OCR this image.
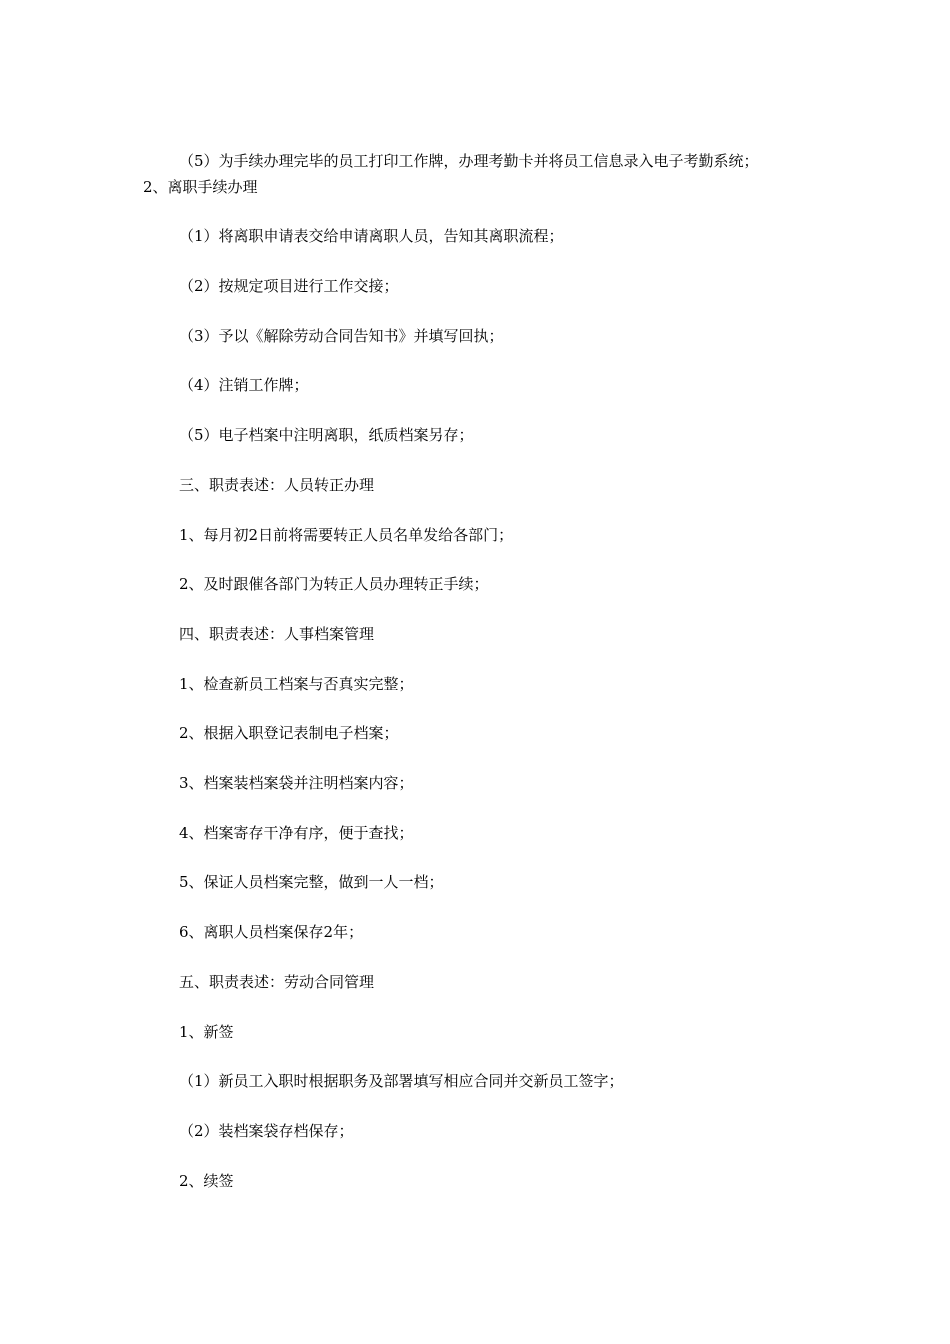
（5）为手续办理完毕的员工打印工作牌，办理考勤卡并将员工信息录入电子考勤系统；
2、离职手续办理
（1）将离职申请表交给申请离职人员，告知其离职流程；
（2）按规定项目进行工作交接；
（3）予以《解除劳动合同告知书》并填写回执；
（4）注销工作牌；
（5）电子档案中注明离职，纸质档案另存；
三、职责表述：人员转正办理
1、每月初2日前将需要转正人员名单发给各部门；
2、及时跟催各部门为转正人员办理转正手续；
四、职责表述：人事档案管理
1、检查新员工档案与否真实完整；
2、根据入职登记表制电子档案；
3、档案装档案袋并注明档案内容；
4、档案寄存干净有序，便于查找；
5、保证人员档案完整，做到一人一档；
6、离职人员档案保存2年；
五、职责表述：劳动合同管理
1、新签
（1）新员工入职时根据职务及部署填写相应合同并交新员工签字；
（2）装档案袋存档保存；
2、续签
